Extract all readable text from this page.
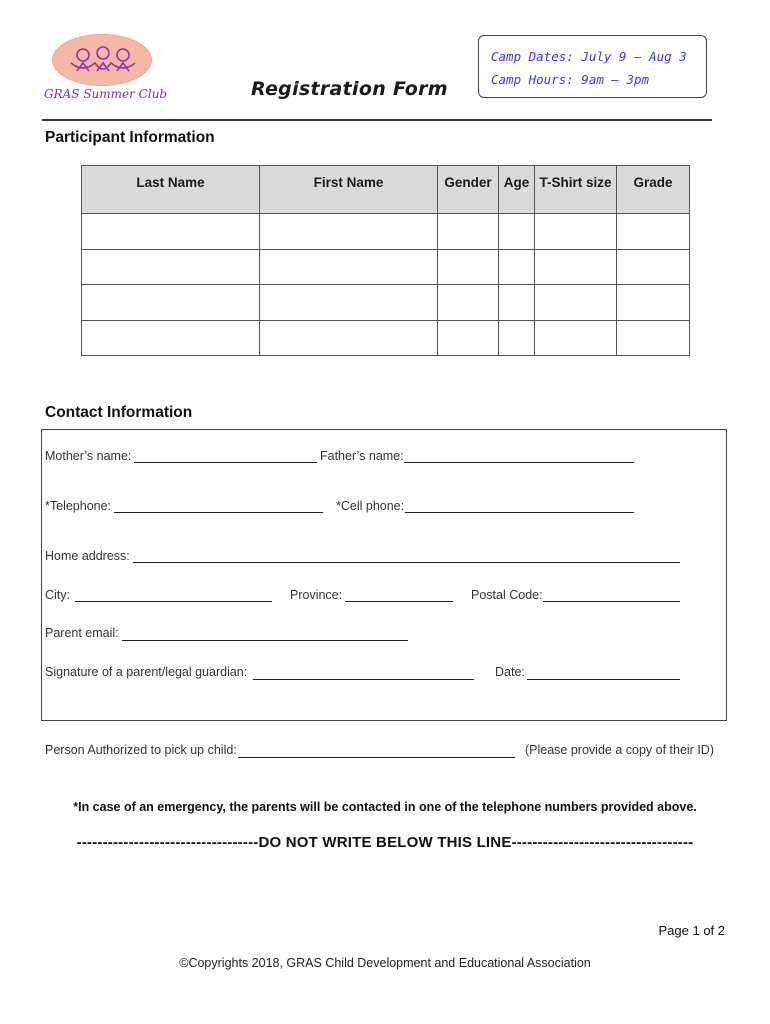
GRAS Summer Club	Registration Form
Camp Dates: July 9 – Aug 3
Camp Hours: 9am – 3pm
Participant Information
Last Name	First Name	Gender	Age	T-Shirt size	Grade

Contact Information
Mother’s name:	Father’s name:
*Telephone:	*Cell phone:
Home address:
City:	Province:	Postal Code:
Parent email:
Signature of a parent/legal guardian:	Date:
Person Authorized to pick up child:	(Please provide a copy of their ID)
*In case of an emergency, the parents will be contacted in one of the telephone numbers provided above.
-----------------------------------DO NOT WRITE BELOW THIS LINE-----------------------------------
Page 1 of 2
©Copyrights 2018, GRAS Child Development and Educational Association
